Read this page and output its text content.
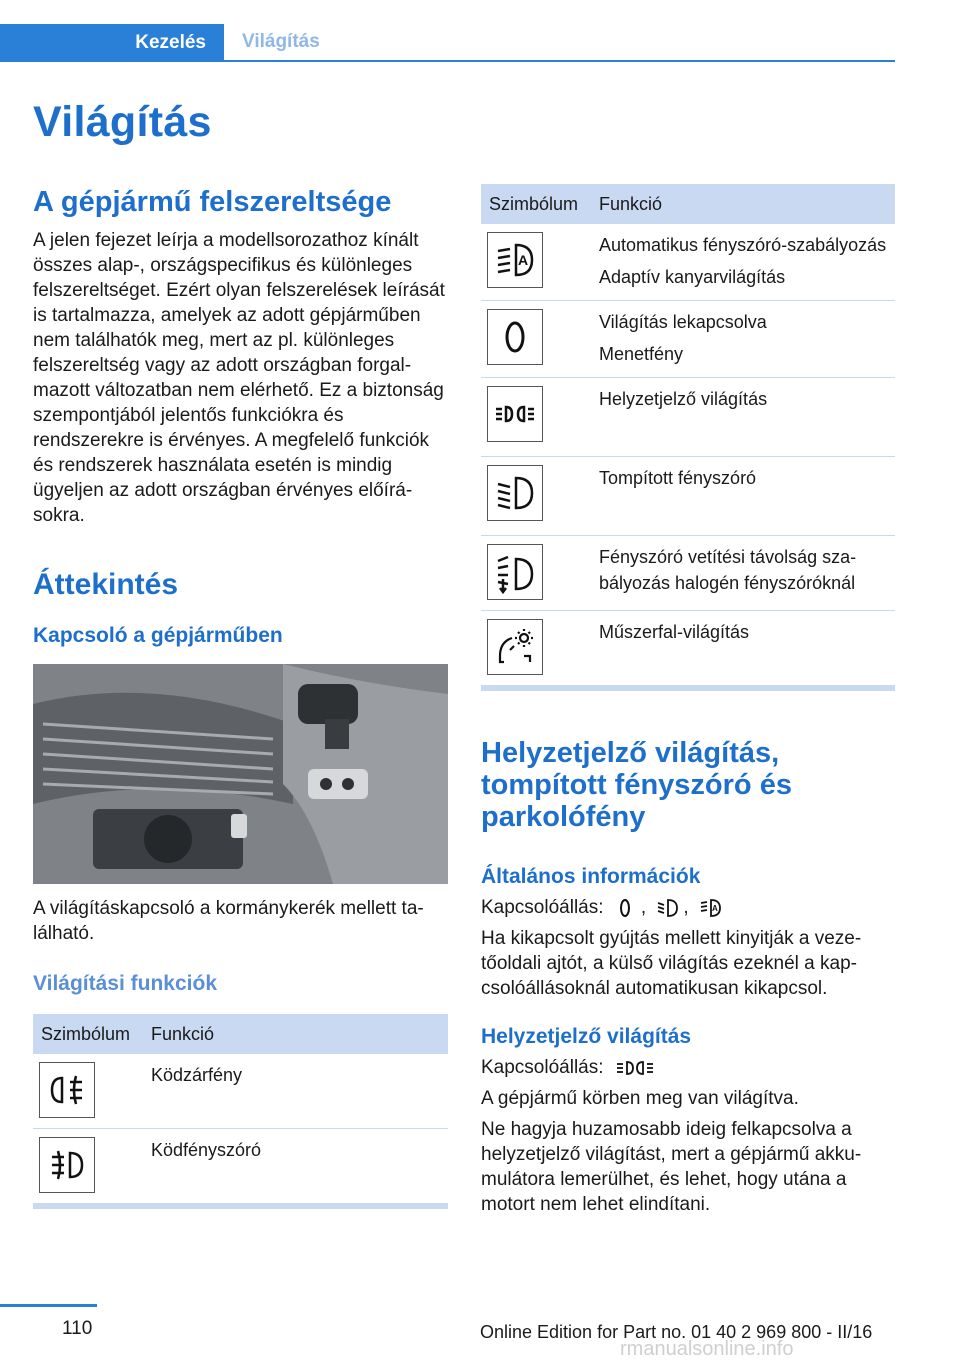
Kezelés	Világítás
Világítás
A gépjármű felszereltsége

A jelen fejezet leírja a modellsorozathoz kínált összes alap-, országspecifikus és különleges felszereltséget. Ezért olyan felszerelések leírását is tartalmazza, amelyek az adott gépjárműben nem találhatók meg, mert az pl. különleges felszereltség vagy az adott országban forgalmazott változatban nem elérhető. Ez a biztonság szempontjából jelentős funkciókra és rendszerekre is érvényes. A megfelelő funkciók és rendszerek használata esetén is mindig ügyeljen az adott országban érvényes előírásokra.

Áttekintés
Kapcsoló a gépjárműben

A világításkapcsoló a kormánykerék mellett található.

Világítási funkciók
Szimbólum	Funkció

Ködzárfény

Ködfényszóró

Szimbólum	Funkció

A	Automatikus fényszóró-szabályozás

Adaptív kanyarvilágítás

Világítás lekapcsolva

Menetfény

Helyzetjelző világítás

Tompított fényszóró

Fényszóró vetítési távolság szabályozás halogén fényszóróknál

Műszerfal-világítás

Helyzetjelző világítás, tompított fényszóró és parkolófény
Általános információk

Kapcsolóállás: , ,	A

Ha kikapcsolt gyújtás mellett kinyitják a vezetőoldali ajtót, a külső világítás ezeknél a kapcsolóállásoknál automatikusan kikapcsol.

Helyzetjelző világítás

Kapcsolóállás:

A gépjármű körben meg van világítva.

Ne hagyja huzamosabb ideig felkapcsolva a helyzetjelző világítást, mert a gépjármű akkumulátora lemerülhet, és lehet, hogy utána a motort nem lehet elindítani.

110	Online Edition for Part no. 01 40 2 969 800 - II/16
rmanualsonline.info
